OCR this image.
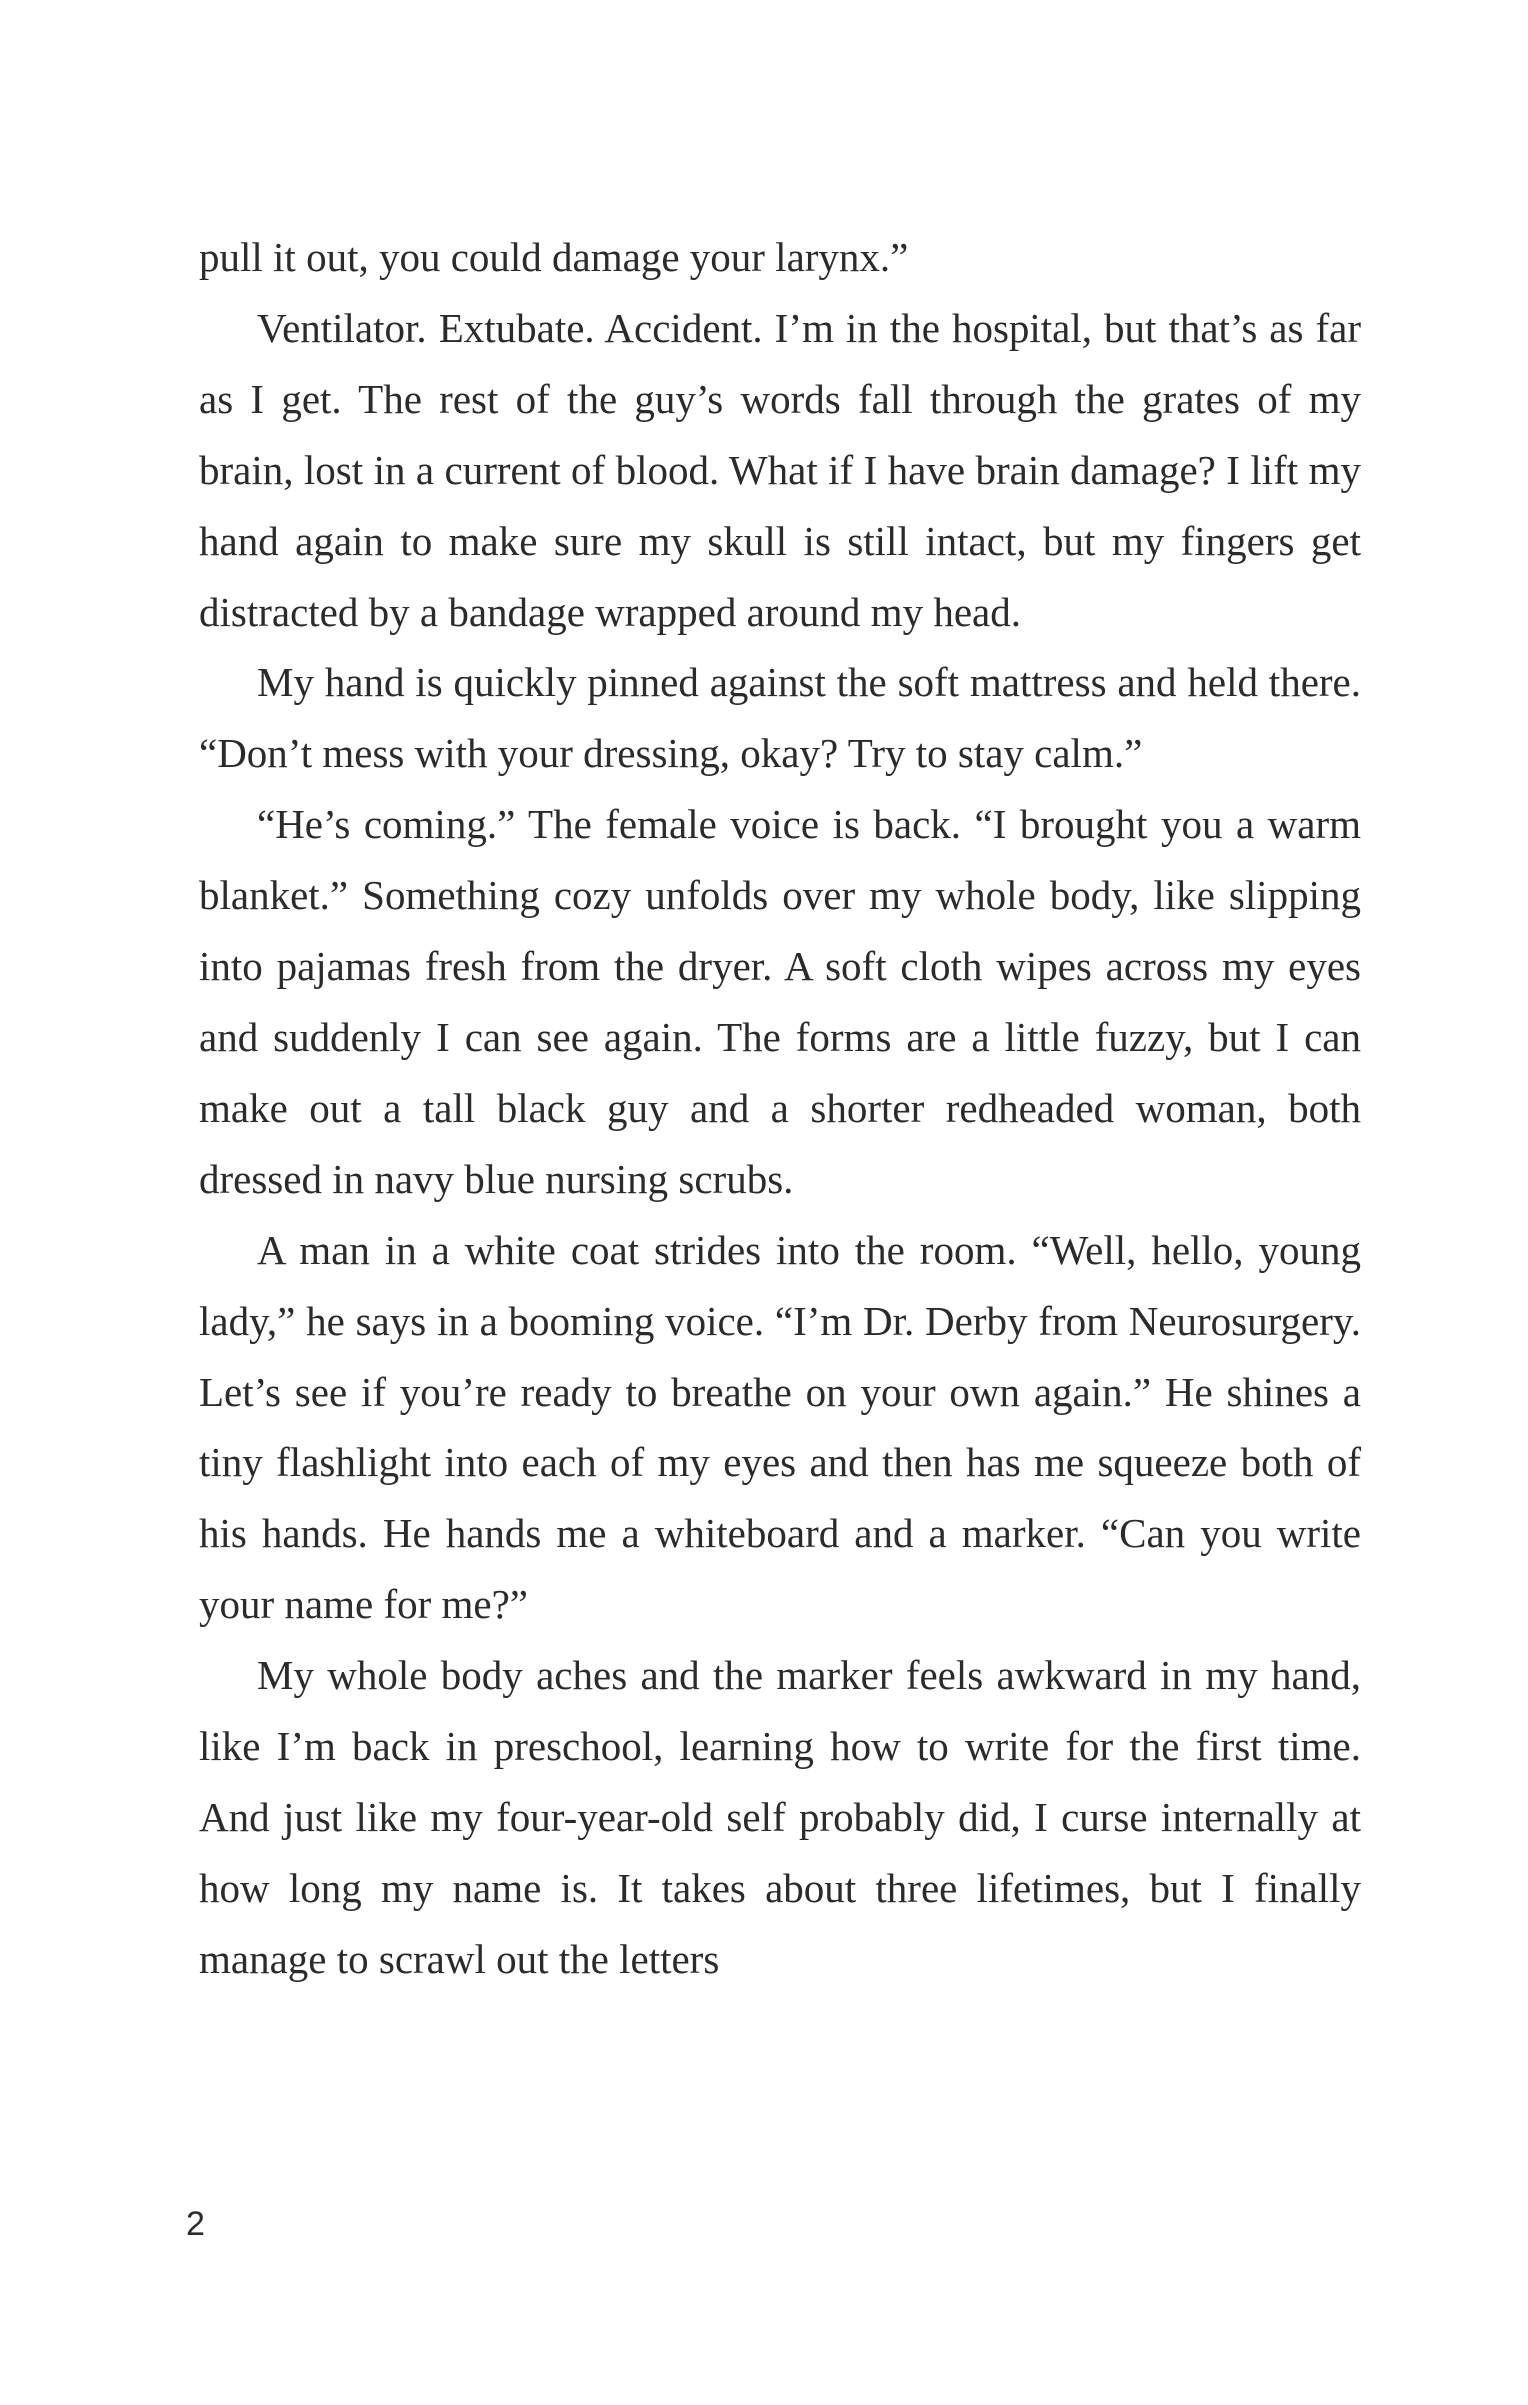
pull it out, you could damage your larynx.”

Ventilator. Extubate. Accident. I’m in the hospital, but that’s as far as I get. The rest of the guy’s words fall through the grates of my brain, lost in a current of blood. What if I have brain damage? I lift my hand again to make sure my skull is still intact, but my fingers get distracted by a bandage wrapped around my head.

My hand is quickly pinned against the soft mattress and held there. “Don’t mess with your dressing, okay? Try to stay calm.”

“He’s coming.” The female voice is back. “I brought you a warm blanket.” Something cozy unfolds over my whole body, like slipping into pajamas fresh from the dryer. A soft cloth wipes across my eyes and suddenly I can see again. The forms are a little fuzzy, but I can make out a tall black guy and a shorter redheaded woman, both dressed in navy blue nursing scrubs.

A man in a white coat strides into the room. “Well, hello, young lady,” he says in a booming voice. “I’m Dr. Derby from Neurosurgery. Let’s see if you’re ready to breathe on your own again.” He shines a tiny flashlight into each of my eyes and then has me squeeze both of his hands. He hands me a whiteboard and a marker. “Can you write your name for me?”

My whole body aches and the marker feels awkward in my hand, like I’m back in preschool, learning how to write for the first time. And just like my four-year-old self probably did, I curse internally at how long my name is. It takes about three lifetimes, but I finally manage to scrawl out the letters

2
